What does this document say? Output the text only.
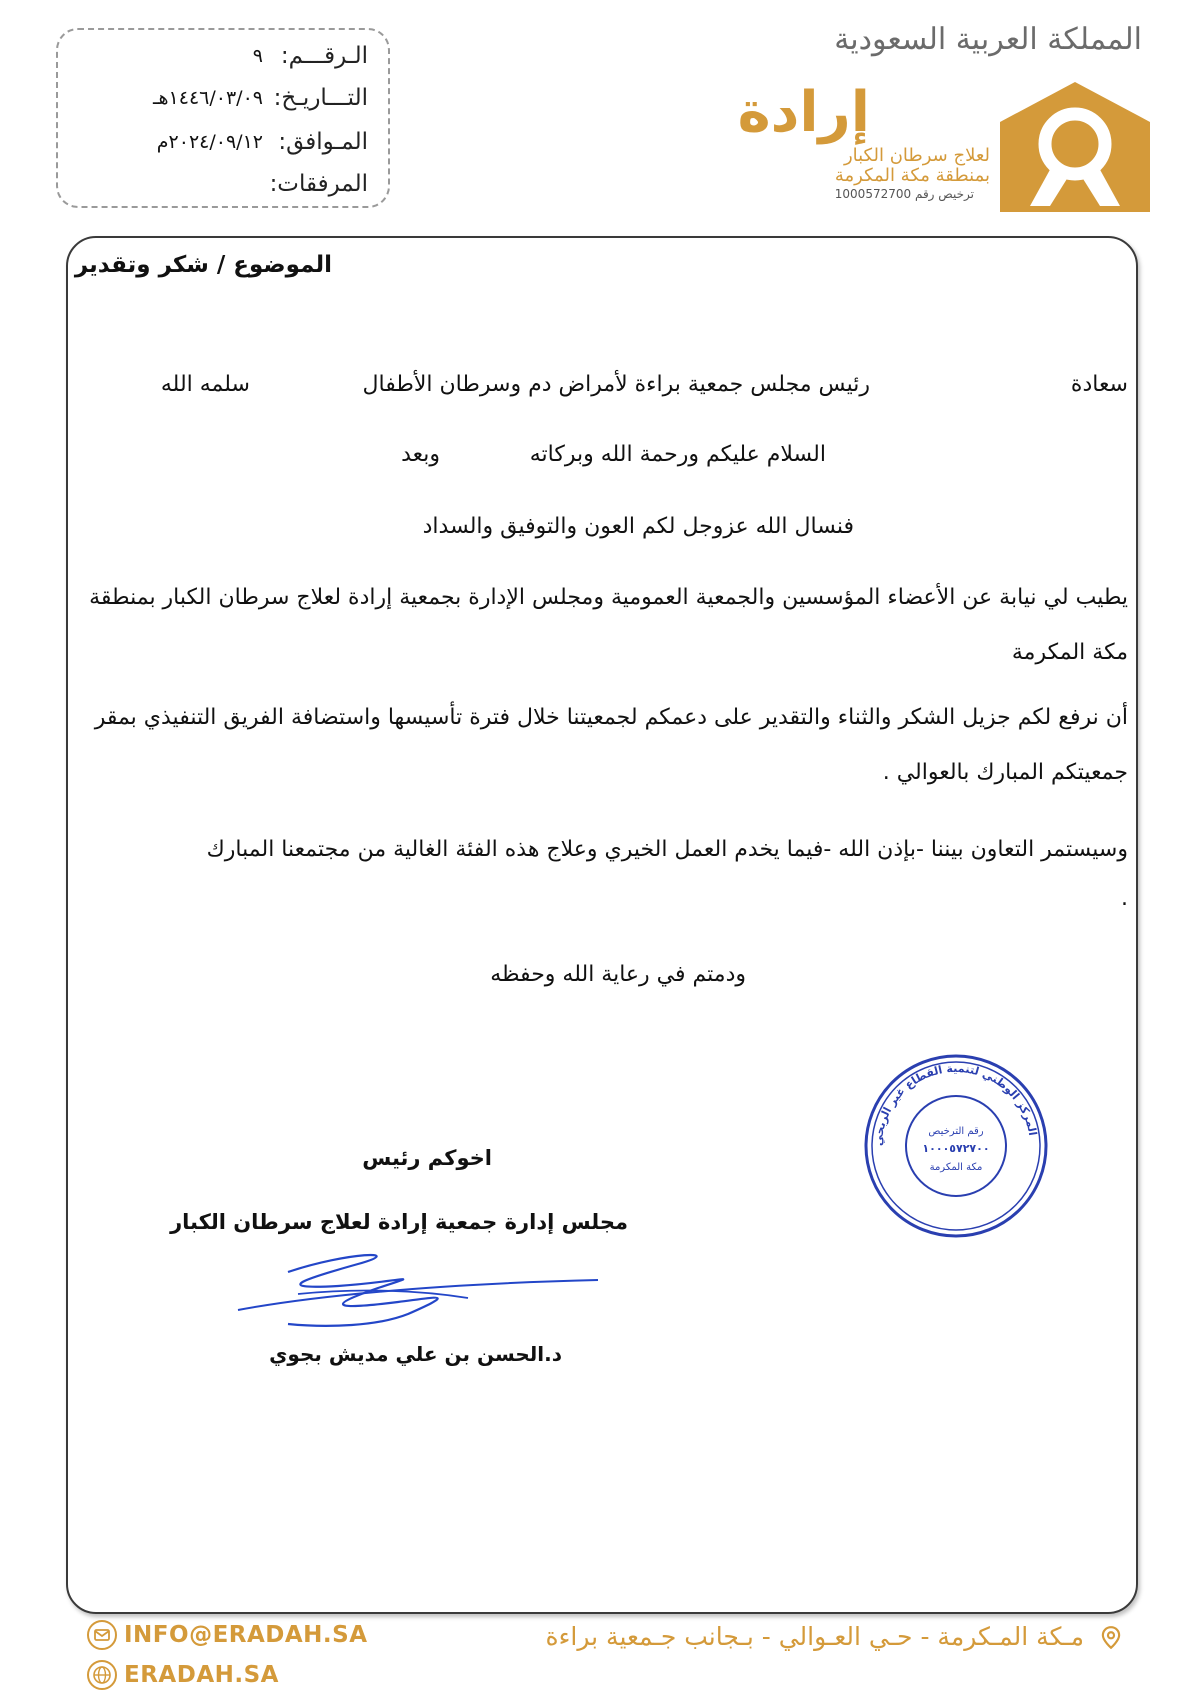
الـرقـــم:
٩
التـــاريـخ:
١٤٤٦/٠٣/٠٩هـ
المـوافق:
٢٠٢٤/٠٩/١٢م
المرفقات:
المملكة العربية السعودية
إرادة
لعلاج سرطان الكبار
بمنطقة مكة المكرمة
ترخيص رقم 1000572700
الموضوع / شكر وتقدير
سعادة
رئيس مجلس جمعية براءة لأمراض دم وسرطان الأطفال
سلمه الله
السلام عليكم ورحمة الله وبركاته
وبعد
فنسال الله عزوجل لكم العون والتوفيق والسداد
يطيب لي نيابة عن الأعضاء المؤسسين والجمعية العمومية ومجلس الإدارة بجمعية إرادة لعلاج سرطان الكبار بمنطقة مكة المكرمة
أن نرفع لكم جزيل الشكر والثناء والتقدير على دعمكم لجمعيتنا خلال فترة تأسيسها واستضافة الفريق التنفيذي بمقر جمعيتكم المبارك بالعوالي .
وسيستمر التعاون بيننا -بإذن الله -فيما يخدم العمل الخيري وعلاج هذه الفئة الغالية من مجتمعنا المبارك
.
ودمتم في رعاية الله وحفظه
المركز الوطني لتنمية القطاع غير الربحي
رقم الترخيص
١٠٠٠٥٧٢٧٠٠
مكة المكرمة
اخوكم رئيس
مجلس إدارة جمعية إرادة لعلاج سرطان الكبار
د.الحسن بن علي مديش بجوي
مـكة المـكرمة - حـي العـوالي - بـجانب جـمعية براءة
INFO@ERADAH.SA
ERADAH.SA
